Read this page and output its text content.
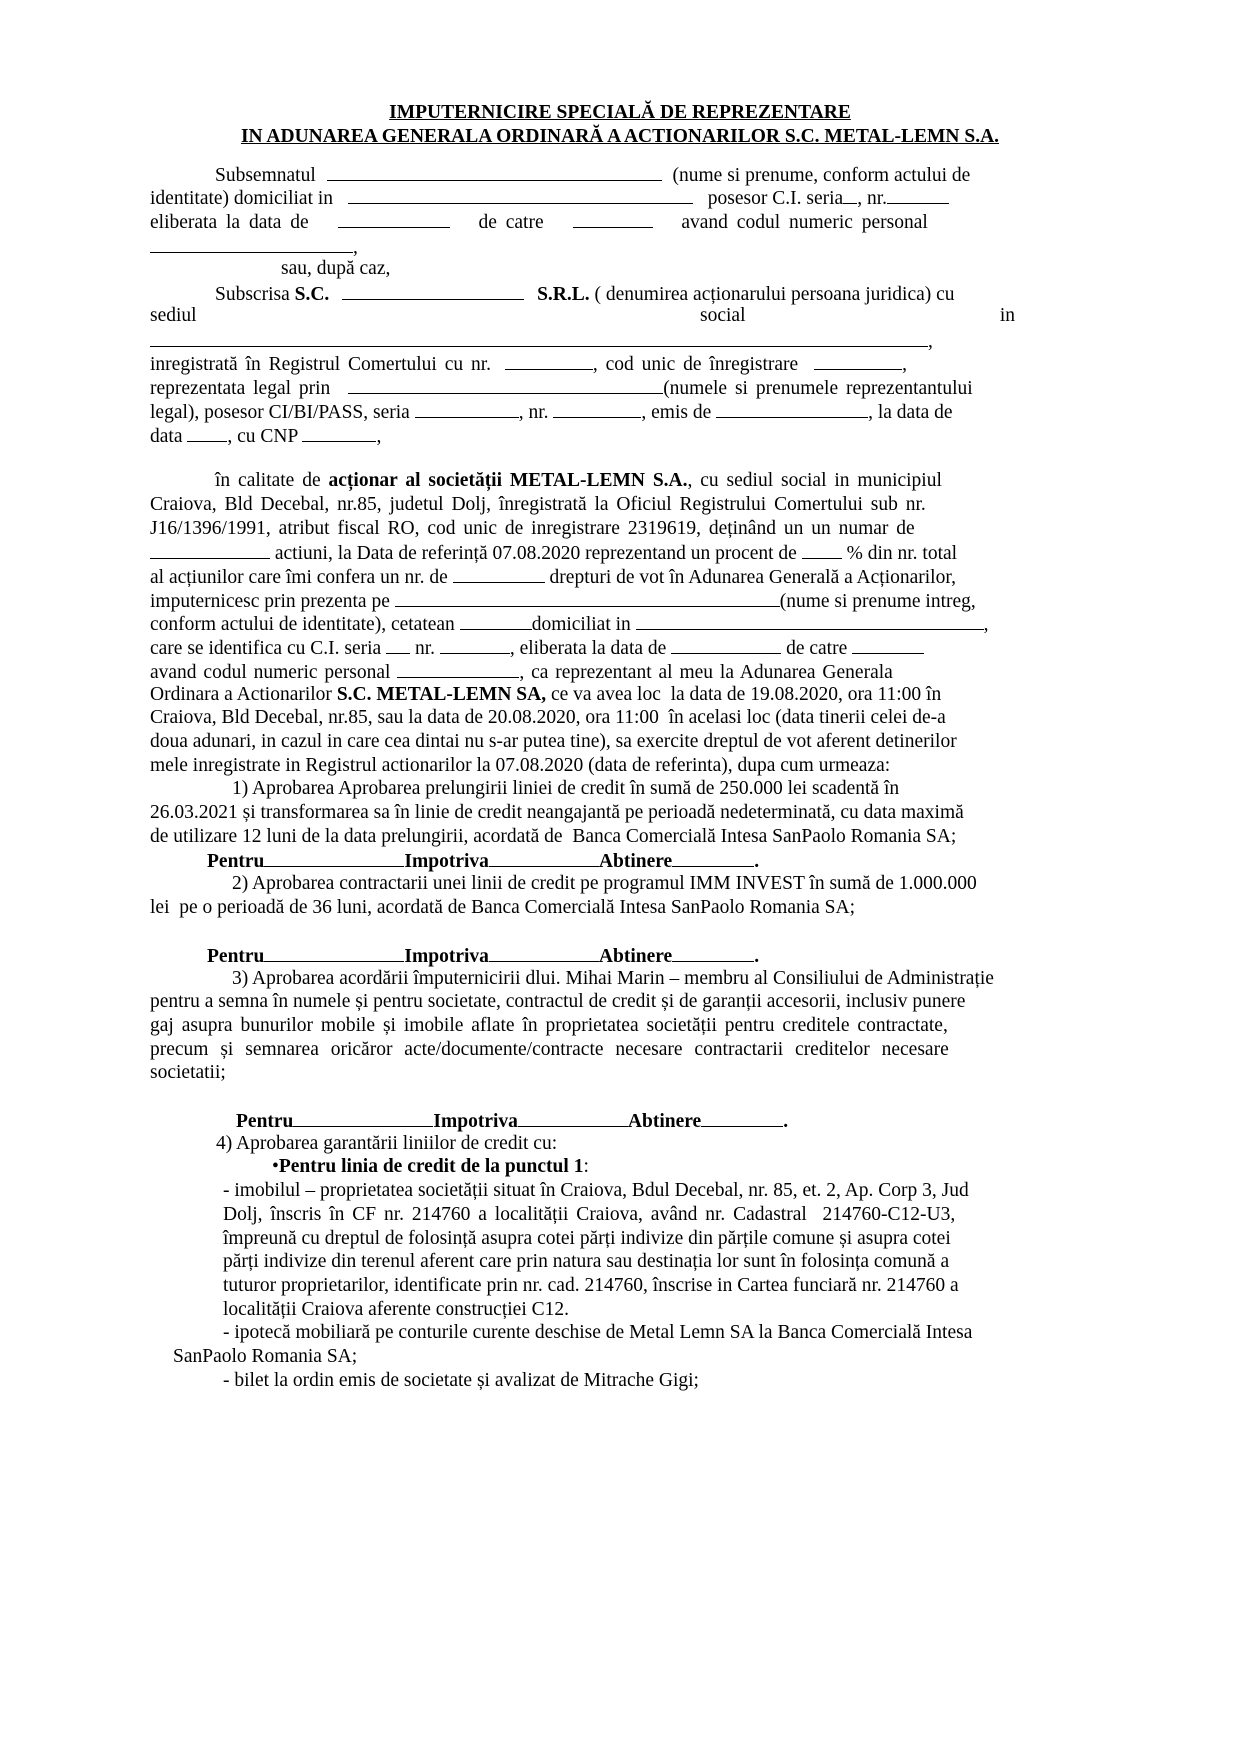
IMPUTERNICIRE SPECIALĂ DE REPREZENTARE
IN ADUNAREA GENERALA ORDINARĂ A ACTIONARILOR S.C. METAL-LEMN S.A.
Subsemnatul	(nume si prenume, conform actului de
identitate) domiciliat in	posesor C.I. seria , nr.
eliberata la data de	de catre	avand codul numeric personal
,
sau, după caz,
Subscrisa S.C.	S.R.L. ( denumirea acționarului persoana juridica) cu
sediul	social	in
,
inregistrată în Registrul Comertului cu nr.	, cod unic de înregistrare	,
reprezentata legal prin	(numele si prenumele reprezentantului
legal), posesor CI/BI/PASS, seria	, nr.	, emis de	, la data de
data , cu CNP	,
în calitate de acționar al societății METAL-LEMN S.A., cu sediul social in municipiul
Craiova, Bld Decebal, nr.85, judetul Dolj, înregistrată la Oficiul Registrului Comertului sub nr.
J16/1396/1991, atribut fiscal RO, cod unic de inregistrare 2319619, deținând un un numar de
actiuni, la Data de referință 07.08.2020 reprezentand un procent de	% din nr. total
al acțiunilor care îmi confera un nr. de	drepturi de vot în Adunarea Generală a Acționarilor,
imputernicesc prin prezenta pe	(nume si prenume intreg,
conform actului de identitate), cetatean	domiciliat in	,
care se identifica cu C.I. seria nr.	, eliberata la data de	de catre
avand codul numeric personal	, ca reprezentant al meu la Adunarea Generala
Ordinara a Actionarilor S.C. METAL-LEMN SA, ce va avea loc  la data de 19.08.2020, ora 11:00 în
Craiova, Bld Decebal, nr.85, sau la data de 20.08.2020, ora 11:00  în acelasi loc (data tinerii celei de-a
doua adunari, in cazul in care cea dintai nu s-ar putea tine), sa exercite dreptul de vot aferent detinerilor
mele inregistrate in Registrul actionarilor la 07.08.2020 (data de referinta), dupa cum urmeaza:
1) Aprobarea Aprobarea prelungirii liniei de credit în sumă de 250.000 lei scadentă în
26.03.2021 și transformarea sa în linie de credit neangajantă pe perioadă nedeterminată, cu data maximă
de utilizare 12 luni de la data prelungirii, acordată de  Banca Comercială Intesa SanPaolo Romania SA;
Pentru	Impotriva	Abtinere	.
2) Aprobarea contractarii unei linii de credit pe programul IMM INVEST în sumă de 1.000.000
lei  pe o perioadă de 36 luni, acordată de Banca Comercială Intesa SanPaolo Romania SA;
Pentru	Impotriva	Abtinere	.
3) Aprobarea acordării împuternicirii dlui. Mihai Marin – membru al Consiliului de Administrație
pentru a semna în numele și pentru societate, contractul de credit și de garanții accesorii, inclusiv punere
gaj asupra bunurilor mobile și imobile aflate în proprietatea societății pentru creditele contractate,
precum și semnarea oricăror acte/documente/contracte necesare contractarii creditelor necesare
societatii;
Pentru	Impotriva	Abtinere	.
4) Aprobarea garantării liniilor de credit cu:
•Pentru linia de credit de la punctul 1:
- imobilul – proprietatea societății situat în Craiova, Bdul Decebal, nr. 85, et. 2, Ap. Corp 3, Jud
Dolj, înscris în CF nr. 214760 a localității Craiova, având nr. Cadastral  214760-C12-U3,
împreună cu dreptul de folosință asupra cotei părți indivize din părțile comune și asupra cotei
părți indivize din terenul aferent care prin natura sau destinația lor sunt în folosința comună a
tuturor proprietarilor, identificate prin nr. cad. 214760, înscrise in Cartea funciară nr. 214760 a
localității Craiova aferente construcției C12.
- ipotecă mobiliară pe conturile curente deschise de Metal Lemn SA la Banca Comercială Intesa
SanPaolo Romania SA;
- bilet la ordin emis de societate și avalizat de Mitrache Gigi;
